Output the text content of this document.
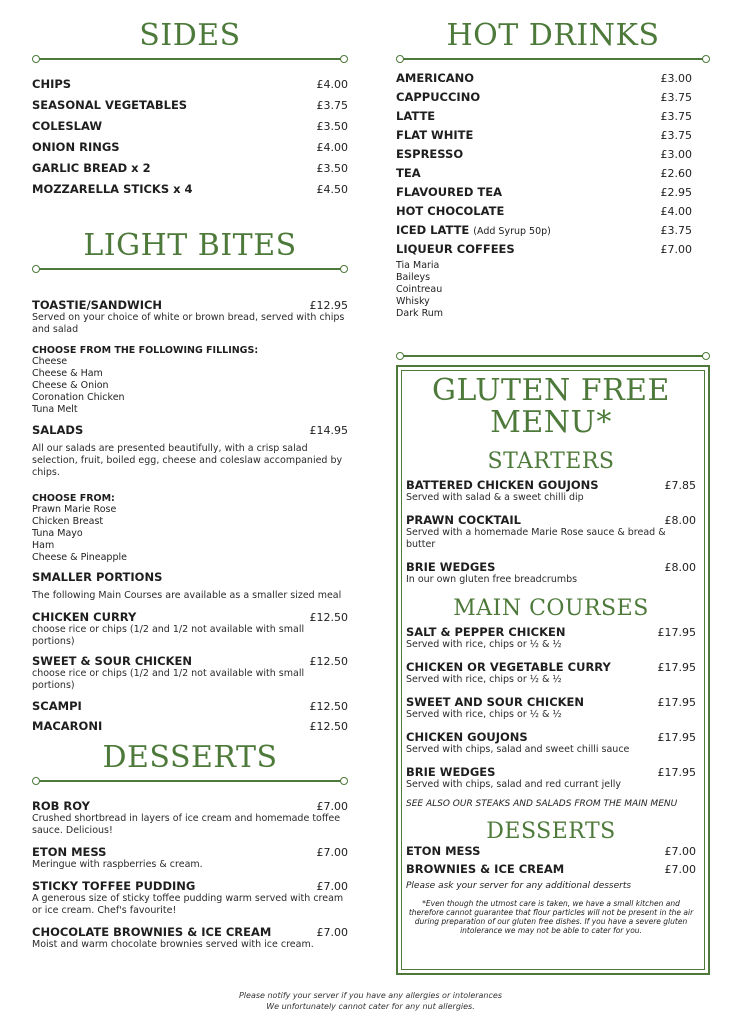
SIDES
CHIPS	£4.00
SEASONAL VEGETABLES	£3.75
COLESLAW	£3.50
ONION RINGS	£4.00
GARLIC BREAD x 2	£3.50
MOZZARELLA STICKS x 4	£4.50
LIGHT BITES
TOASTIE/SANDWICH	£12.95
Served on your choice of white or brown bread, served with chips and salad
CHOOSE FROM THE FOLLOWING FILLINGS:
Cheese
Cheese & Ham
Cheese & Onion
Coronation Chicken
Tuna Melt
SALADS	£14.95
All our salads are presented beautifully, with a crisp salad selection, fruit, boiled egg, cheese and coleslaw accompanied by chips.
CHOOSE FROM:
Prawn Marie Rose
Chicken Breast
Tuna Mayo
Ham
Cheese & Pineapple
SMALLER PORTIONS
The following Main Courses are available as a smaller sized meal
CHICKEN CURRY	£12.50
choose rice or chips (1/2 and 1/2 not available with small portions)
SWEET & SOUR CHICKEN	£12.50
choose rice or chips (1/2 and 1/2 not available with small portions)
SCAMPI	£12.50
MACARONI	£12.50
DESSERTS
ROB ROY	£7.00
Crushed shortbread in layers of ice cream and homemade toffee sauce. Delicious!
ETON MESS	£7.00
Meringue with raspberries & cream.
STICKY TOFFEE PUDDING	£7.00
A generous size of sticky toffee pudding warm served with cream or ice cream. Chef's favourite!
CHOCOLATE BROWNIES & ICE CREAM	£7.00
Moist and warm chocolate brownies served with ice cream.
HOT DRINKS
AMERICANO	£3.00
CAPPUCCINO	£3.75
LATTE	£3.75
FLAT WHITE	£3.75
ESPRESSO	£3.00
TEA	£2.60
FLAVOURED TEA	£2.95
HOT CHOCOLATE	£4.00
ICED LATTE (Add Syrup 50p)	£3.75
LIQUEUR COFFEES	£7.00
Tia Maria
Baileys
Cointreau
Whisky
Dark Rum
GLUTEN FREE
MENU*
STARTERS
BATTERED CHICKEN GOUJONS	£7.85
Served with salad & a sweet chilli dip
PRAWN COCKTAIL	£8.00
Served with a homemade Marie Rose sauce & bread & butter
BRIE WEDGES	£8.00
In our own gluten free breadcrumbs
MAIN COURSES
SALT & PEPPER CHICKEN	£17.95
Served with rice, chips or ½ & ½
CHICKEN OR VEGETABLE CURRY	£17.95
Served with rice, chips or ½ & ½
SWEET AND SOUR CHICKEN	£17.95
Served with rice, chips or ½ & ½
CHICKEN GOUJONS	£17.95
Served with chips, salad and sweet chilli sauce
BRIE WEDGES	£17.95
Served with chips, salad and red currant jelly
SEE ALSO OUR STEAKS AND SALADS FROM THE MAIN MENU
DESSERTS
ETON MESS	£7.00
BROWNIES & ICE CREAM	£7.00
Please ask your server for any additional desserts
*Even though the utmost care is taken, we have a small kitchen and therefore cannot guarantee that flour particles will not be present in the air during preparation of our gluten free dishes. If you have a severe gluten intolerance we may not be able to cater for you.
Please notify your server if you have any allergies or intolerances
We unfortunately cannot cater for any nut allergies.
